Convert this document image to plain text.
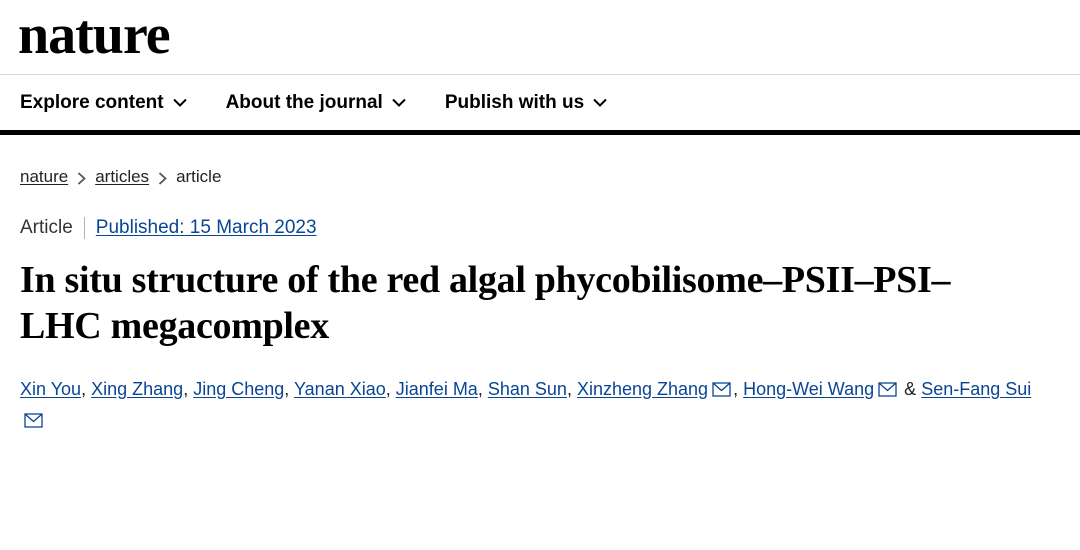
nature
Explore content	About the journal	Publish with us
nature articles article
Article Published: 15 March 2023
In situ structure of the red algal phycobilisome–PSII–PSI–LHC megacomplex
Xin You, Xing Zhang, Jing Cheng, Yanan Xiao, Jianfei Ma, Shan Sun, Xinzheng Zhang , Hong-Wei Wang
& Sen-Fang Sui
